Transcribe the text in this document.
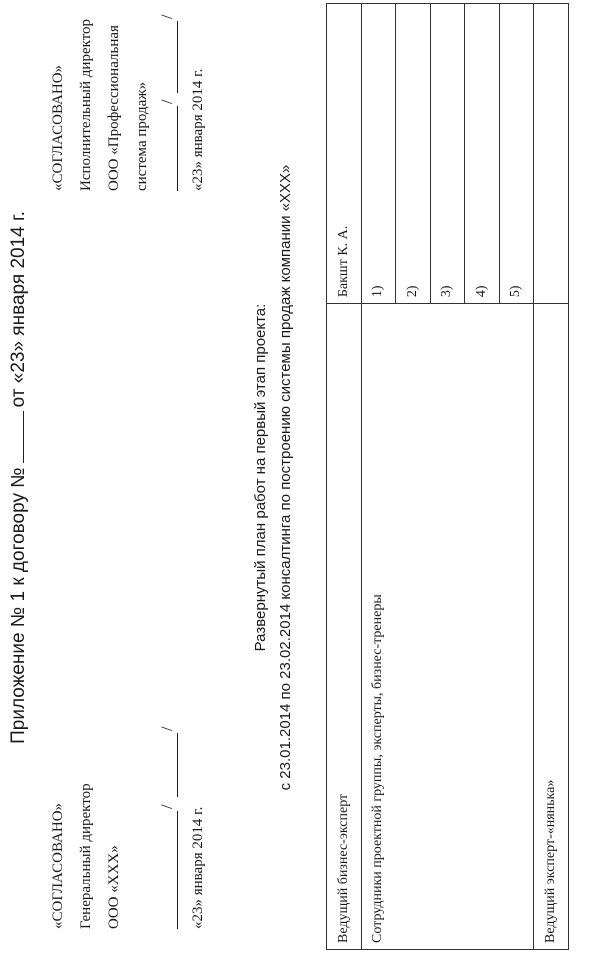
Приложение № 1 к договору №от «23» января 2014 г.
«СОГЛАСОВАНО» Генеральный директор ООО «XXX»
/
/
«23» января 2014 г.
«СОГЛАСОВАНО» Исполнительный директор ООО «Профессиональная система продаж» /
/
«23» января 2014 г.
Развернутый план работ на первый этап проекта: с 23.01.2014 по 23.02.2014 консалтинга по построению системы продаж компании «XXX»
Ведущий бизнес-эксперт	Бакшт К. А.
Сотрудники проектной группы, эксперты, бизнес-тренеры	1)
	2)
	3)
	4)
	5)
Ведущий эксперт-«нянька»	
